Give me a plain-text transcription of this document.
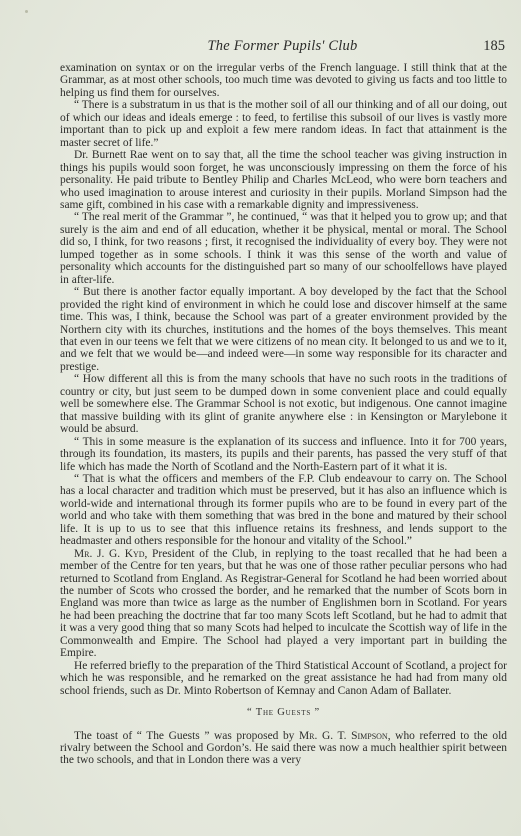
The Former Pupils' Club	185

examination on syntax or on the irregular verbs of the French language. I still think that at the Grammar, as at most other schools, too much time was devoted to giving us facts and too little to helping us find them for ourselves.

“ There is a substratum in us that is the mother soil of all our thinking and of all our doing, out of which our ideas and ideals emerge : to feed, to fertilise this subsoil of our lives is vastly more important than to pick up and exploit a few mere random ideas. In fact that attainment is the master secret of life.”

Dr. Burnett Rae went on to say that, all the time the school teacher was giving instruction in things his pupils would soon forget, he was unconsciously impressing on them the force of his personality. He paid tribute to Bentley Philip and Charles McLeod, who were born teachers and who used imagination to arouse interest and curiosity in their pupils. Morland Simpson had the same gift, combined in his case with a remarkable dignity and impressiveness.

“ The real merit of the Grammar ”, he continued, “ was that it helped you to grow up; and that surely is the aim and end of all education, whether it be physical, mental or moral. The School did so, I think, for two reasons ; first, it recognised the individuality of every boy. They were not lumped together as in some schools. I think it was this sense of the worth and value of personality which accounts for the distinguished part so many of our schoolfellows have played in after-life.

“ But there is another factor equally important. A boy developed by the fact that the School provided the right kind of environment in which he could lose and discover himself at the same time. This was, I think, because the School was part of a greater environment provided by the Northern city with its churches, institutions and the homes of the boys themselves. This meant that even in our teens we felt that we were citizens of no mean city. It belonged to us and we to it, and we felt that we would be—and indeed were—in some way responsible for its character and prestige.

“ How different all this is from the many schools that have no such roots in the traditions of country or city, but just seem to be dumped down in some convenient place and could equally well be somewhere else. The Grammar School is not exotic, but indigenous. One cannot imagine that massive building with its glint of granite anywhere else : in Kensington or Marylebone it would be absurd.

“ This in some measure is the explanation of its success and influence. Into it for 700 years, through its foundation, its masters, its pupils and their parents, has passed the very stuff of that life which has made the North of Scotland and the North-Eastern part of it what it is.

“ That is what the officers and members of the F.P. Club endeavour to carry on. The School has a local character and tradition which must be preserved, but it has also an influence which is world-wide and international through its former pupils who are to be found in every part of the world and who take with them something that was bred in the bone and matured by their school life. It is up to us to see that this influence retains its freshness, and lends support to the headmaster and others responsible for the honour and vitality of the School.”

Mr. J. G. Kyd, President of the Club, in replying to the toast recalled that he had been a member of the Centre for ten years, but that he was one of those rather peculiar persons who had returned to Scotland from England. As Registrar-General for Scotland he had been worried about the number of Scots who crossed the border, and he remarked that the number of Scots born in England was more than twice as large as the number of Englishmen born in Scotland. For years he had been preaching the doctrine that far too many Scots left Scotland, but he had to admit that it was a very good thing that so many Scots had helped to inculcate the Scottish way of life in the Commonwealth and Empire. The School had played a very important part in building the Empire.

He referred briefly to the preparation of the Third Statistical Account of Scotland, a project for which he was responsible, and he remarked on the great assistance he had had from many old school friends, such as Dr. Minto Robertson of Kemnay and Canon Adam of Ballater.

“ The Guests ”

The toast of “ The Guests ” was proposed by Mr. G. T. Simpson, who referred to the old rivalry between the School and Gordon’s. He said there was now a much healthier spirit between the two schools, and that in London there was a very
